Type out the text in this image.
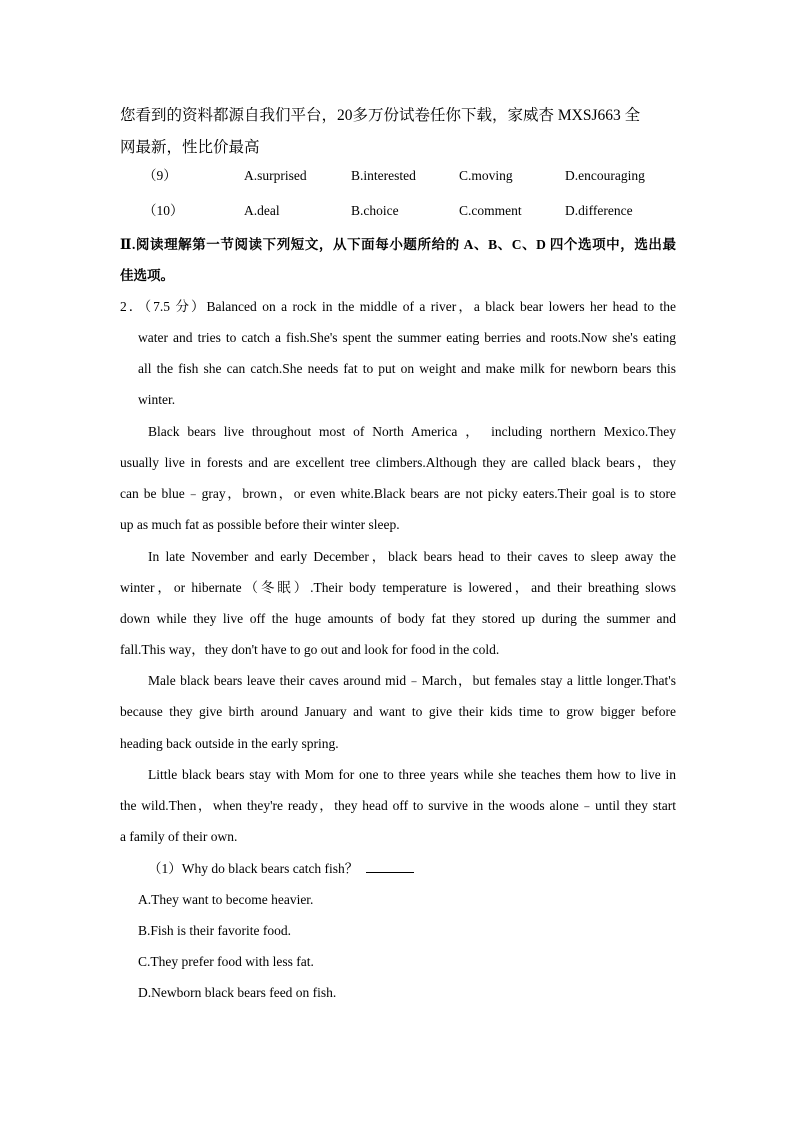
您看到的资料都源自我们平台，20多万份试卷任你下载，家威杏 MXSJ663 全
网最新，性比价最高
（9）	A.surprised	B.interested	C.moving	D.encouraging
（10）	A.deal	B.choice	C.comment	D.difference
Ⅱ.阅读理解第一节阅读下列短文，从下面每小题所给的 A、B、C、D 四个选项中，选出最
佳选项。
2．（7.5 分）Balanced on a rock in the middle of a river，a black bear lowers her head to the
water and tries to catch a fish.She's spent the summer eating berries and roots.Now she's eating
all the fish she can catch.She needs fat to put on weight and make milk for newborn bears this
winter.
Black bears live throughout most of North America ， including northern Mexico.They
usually live in forests and are excellent tree climbers.Although they are called black bears，they
can be blue﹣gray，brown，or even white.Black bears are not picky eaters.Their goal is to store
up as much fat as possible before their winter sleep.
In late November and early December，black bears head to their caves to sleep away the
winter，or hibernate（冬眠）.Their body temperature is lowered，and their breathing slows
down while they live off the huge amounts of body fat they stored up during the summer and
fall.This way，they don't have to go out and look for food in the cold.
Male black bears leave their caves around mid﹣March，but females stay a little longer.That's
because they give birth around January and want to give their kids time to grow bigger before
heading back outside in the early spring.
Little black bears stay with Mom for one to three years while she teaches them how to live in
the wild.Then，when they're ready，they head off to survive in the woods alone﹣until they start
a family of their own.
（1）Why do black bears catch fish？
A.They want to become heavier.
B.Fish is their favorite food.
C.They prefer food with less fat.
D.Newborn black bears feed on fish.
